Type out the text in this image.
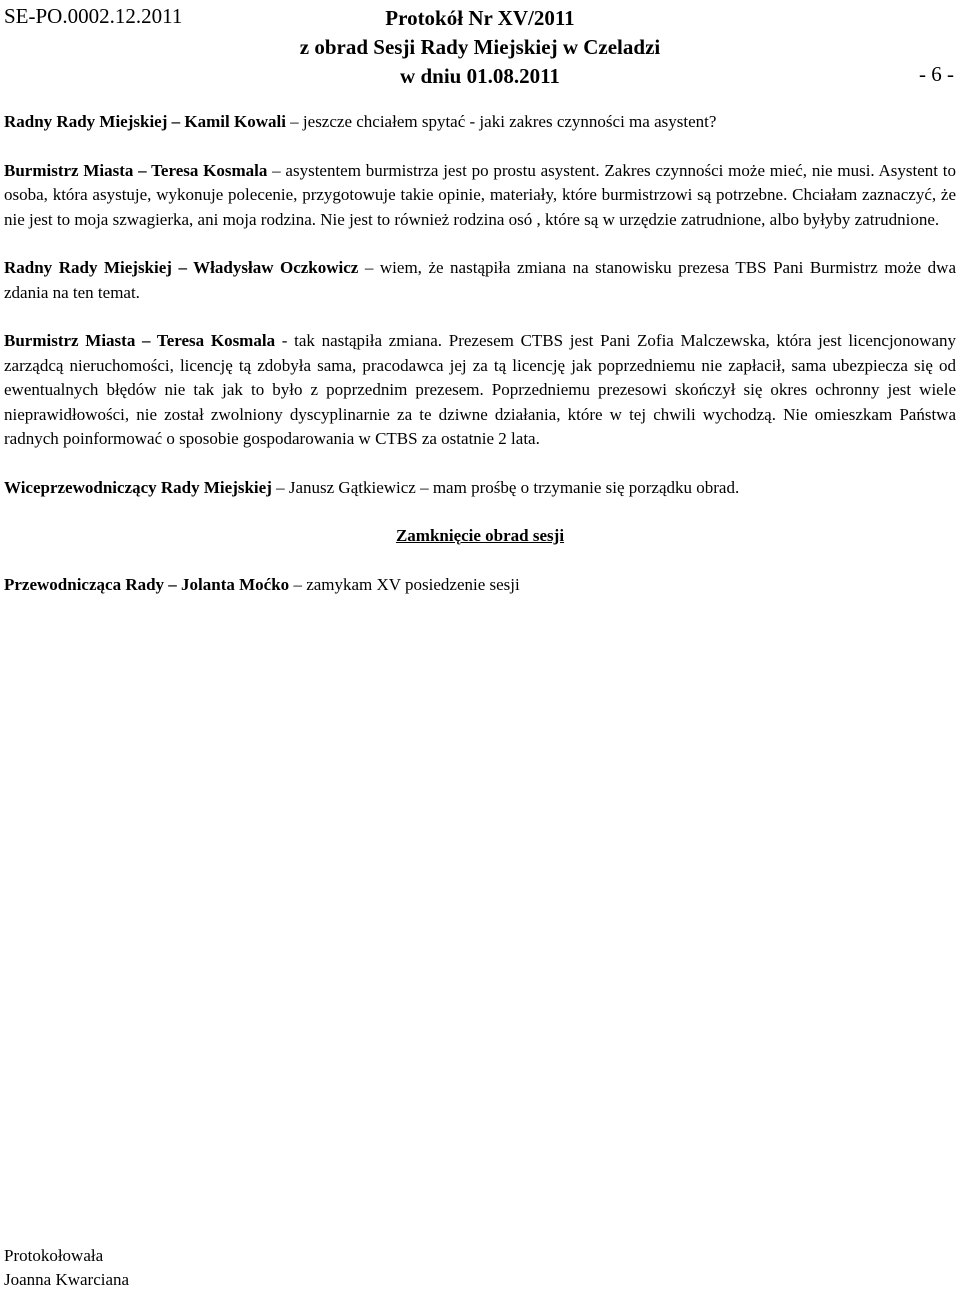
SE-PO.0002.12.2011	Protokół Nr XV/2011
z obrad Sesji Rady Miejskiej w Czeladzi
w dniu 01.08.2011	- 6 -

Radny Rady Miejskiej – Kamil Kowali – jeszcze chciałem spytać - jaki zakres czynności ma asystent?

Burmistrz Miasta – Teresa Kosmala – asystentem burmistrza jest po prostu asystent. Zakres czynności może mieć, nie musi. Asystent to osoba, która asystuje, wykonuje polecenie, przygotowuje takie opinie, materiały, które burmistrzowi są potrzebne. Chciałam zaznaczyć, że nie jest to moja szwagierka, ani moja rodzina. Nie jest to również rodzina osó , które są w urzędzie zatrudnione, albo byłyby zatrudnione.

Radny Rady Miejskiej – Władysław Oczkowicz – wiem, że nastąpiła zmiana na stanowisku prezesa TBS Pani Burmistrz może dwa zdania na ten temat.

Burmistrz Miasta – Teresa Kosmala - tak nastąpiła zmiana. Prezesem CTBS jest Pani Zofia Malczewska, która jest licencjonowany zarządcą nieruchomości, licencję tą zdobyła sama, pracodawca jej za tą licencję jak poprzedniemu nie zapłacił, sama ubezpiecza się od ewentualnych błędów nie tak jak to było z poprzednim prezesem. Poprzedniemu prezesowi skończył się okres ochronny jest wiele nieprawidłowości, nie został zwolniony dyscyplinarnie za te dziwne działania, które w tej chwili wychodzą. Nie omieszkam Państwa radnych poinformować o sposobie gospodarowania w CTBS za ostatnie 2 lata.

Wiceprzewodniczący Rady Miejskiej – Janusz Gątkiewicz – mam prośbę o trzymanie się porządku obrad.

Zamknięcie obrad sesji

Przewodnicząca Rady – Jolanta Moćko – zamykam XV posiedzenie sesji

Protokołowała
Joanna Kwarciana
